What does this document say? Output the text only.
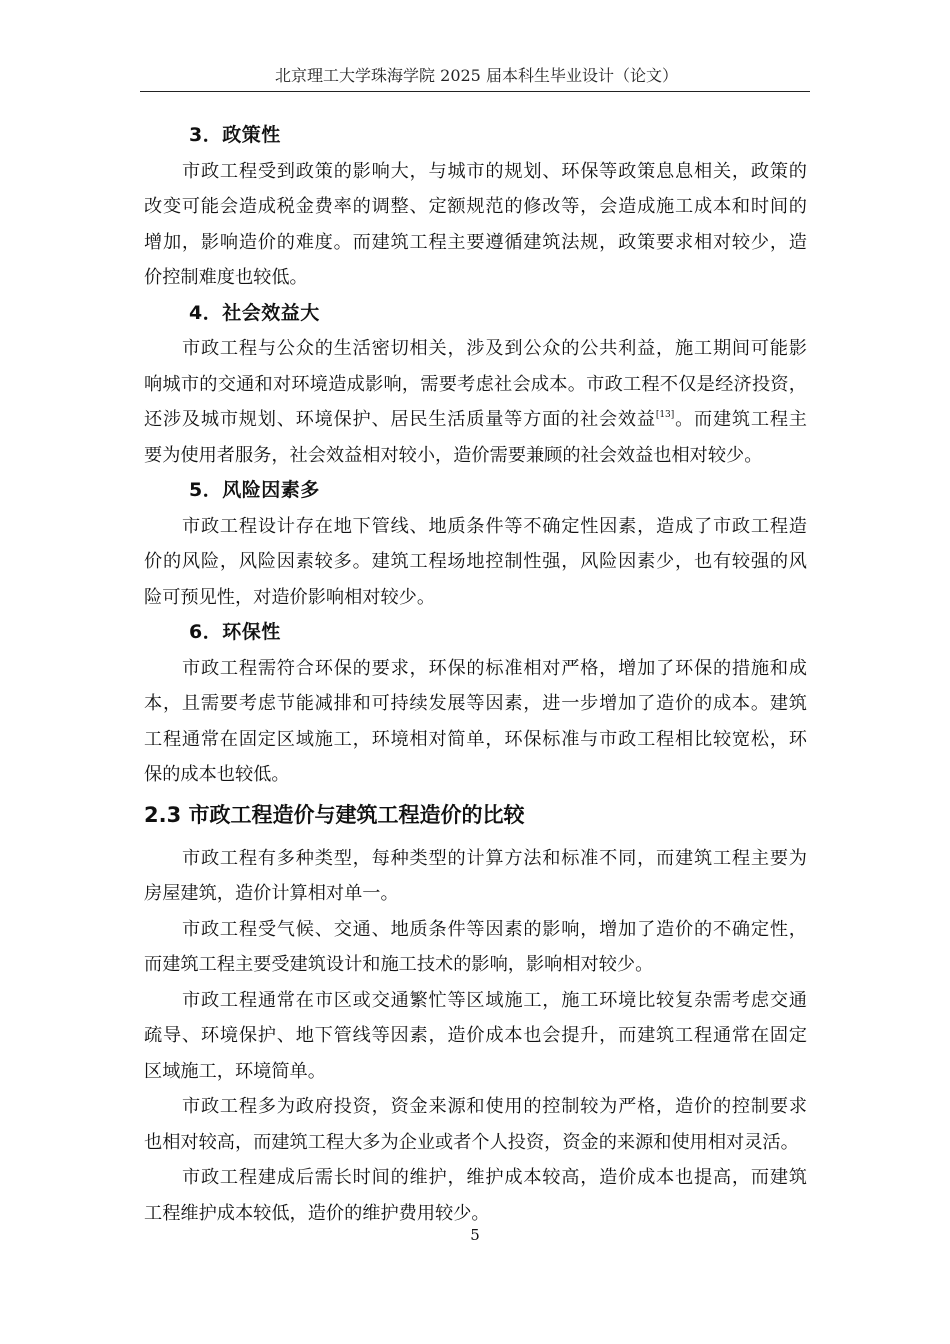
北京理工大学珠海学院 2025 届本科生毕业设计（论文）
3．政策性
市政工程受到政策的影响大，与城市的规划、环保等政策息息相关，政策的
改变可能会造成税金费率的调整、定额规范的修改等，会造成施工成本和时间的
增加，影响造价的难度。而建筑工程主要遵循建筑法规，政策要求相对较少，造
价控制难度也较低。
4．社会效益大
市政工程与公众的生活密切相关，涉及到公众的公共利益，施工期间可能影
响城市的交通和对环境造成影响，需要考虑社会成本。市政工程不仅是经济投资，
还涉及城市规划、环境保护、居民生活质量等方面的社会效益[13]。而建筑工程主
要为使用者服务，社会效益相对较小，造价需要兼顾的社会效益也相对较少。
5．风险因素多
市政工程设计存在地下管线、地质条件等不确定性因素，造成了市政工程造
价的风险，风险因素较多。建筑工程场地控制性强，风险因素少，也有较强的风
险可预见性，对造价影响相对较少。
6．环保性
市政工程需符合环保的要求，环保的标准相对严格，增加了环保的措施和成
本，且需要考虑节能减排和可持续发展等因素，进一步增加了造价的成本。建筑
工程通常在固定区域施工，环境相对简单，环保标准与市政工程相比较宽松，环
保的成本也较低。
2.3 市政工程造价与建筑工程造价的比较
市政工程有多种类型，每种类型的计算方法和标准不同，而建筑工程主要为
房屋建筑，造价计算相对单一。
市政工程受气候、交通、地质条件等因素的影响，增加了造价的不确定性，
而建筑工程主要受建筑设计和施工技术的影响，影响相对较少。
市政工程通常在市区或交通繁忙等区域施工，施工环境比较复杂需考虑交通
疏导、环境保护、地下管线等因素，造价成本也会提升，而建筑工程通常在固定
区域施工，环境简单。
市政工程多为政府投资，资金来源和使用的控制较为严格，造价的控制要求
也相对较高，而建筑工程大多为企业或者个人投资，资金的来源和使用相对灵活。
市政工程建成后需长时间的维护，维护成本较高，造价成本也提高，而建筑
工程维护成本较低，造价的维护费用较少。
5
